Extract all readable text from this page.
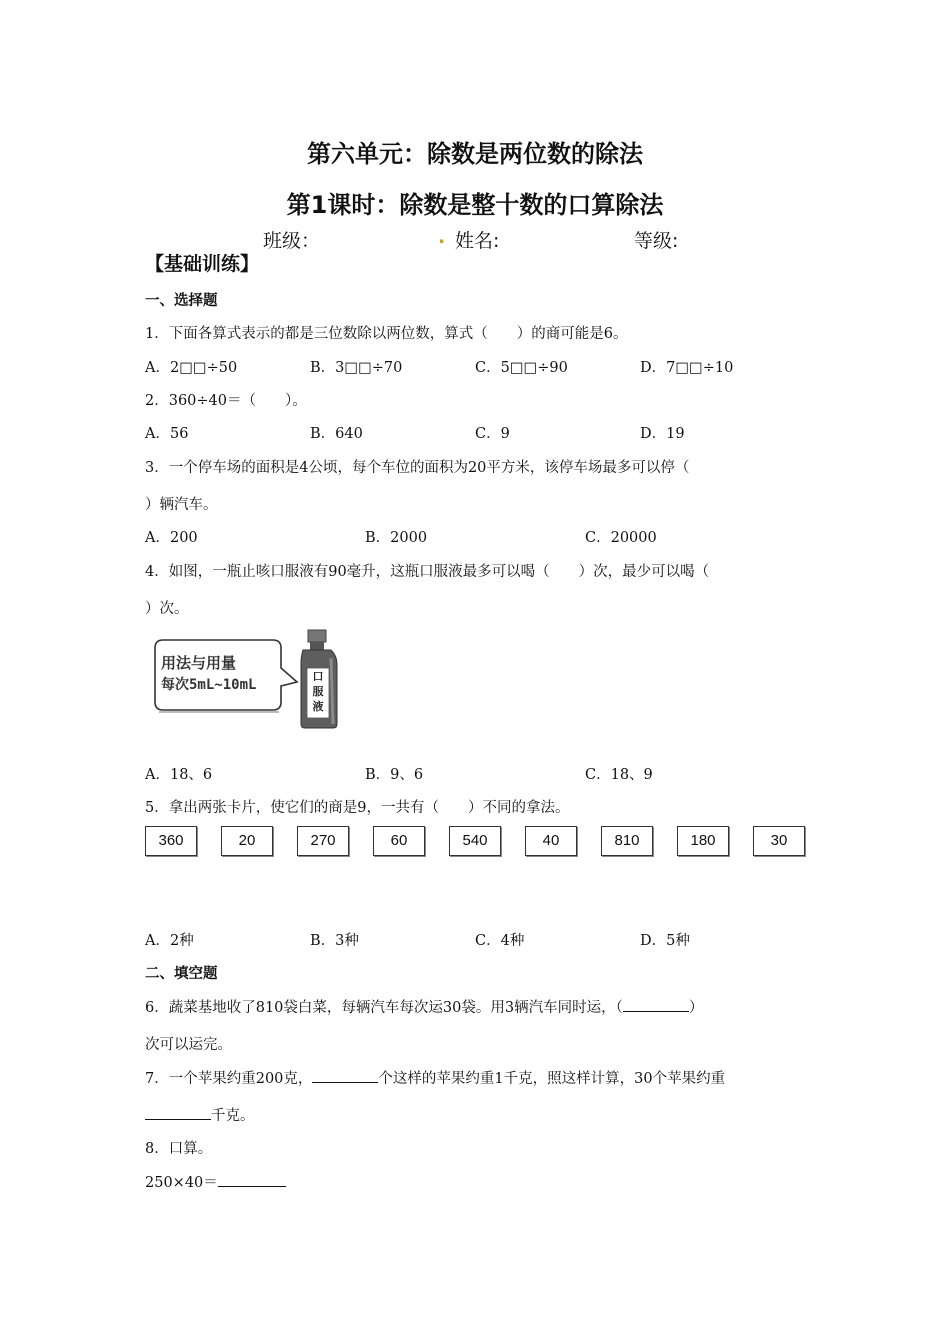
第六单元：除数是两位数的除法
第1课时：除数是整十数的口算除法
班级：	. 姓名:	等级:
【基础训练】
一、选择题
1．下面各算式表示的都是三位数除以两位数，算式（　　）的商可能是6。
A．2□□÷50	B．3□□÷70	C．5□□÷90	D．7□□÷10
2．360÷40＝（　　）。
A．56	B．640	C．9	D．19
3．一个停车场的面积是4公顷，每个车位的面积为20平方米，该停车场最多可以停（
）辆汽车。
A．200	B．2000	C．20000
4．如图，一瓶止咳口服液有90毫升，这瓶口服液最多可以喝（　　）次，最少可以喝（
）次。
用法与用量
每次5mL~10mL
口
服
液
A．18、6	B．9、6	C．18、9
5．拿出两张卡片，使它们的商是9，一共有（　　）不同的拿法。
360	20	270	60	540	40	810	180	30
A．2种	B．3种	C．4种	D．5种
二、填空题
6．蔬菜基地收了810袋白菜，每辆汽车每次运30袋。用3辆汽车同时运，（	）
次可以运完。
7．一个苹果约重200克，	个这样的苹果约重1千克，照这样计算，30个苹果约重
千克。
8．口算。
250×40＝
